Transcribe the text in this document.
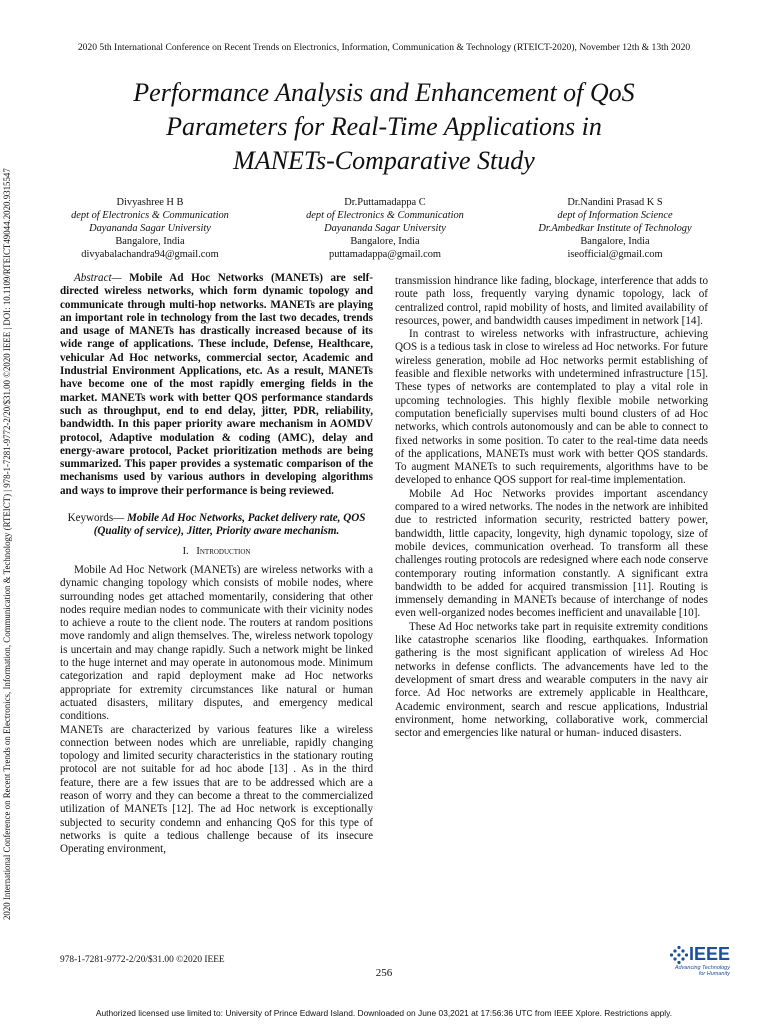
2020 5th International Conference on Recent Trends on Electronics, Information, Communication & Technology (RTEICT-2020), November 12th & 13th 2020
Performance Analysis and Enhancement of QoS
Parameters for Real-Time Applications in
MANETs-Comparative Study
Divyashree H B
dept of Electronics & Communication
Dayananda Sagar University
Bangalore, India
divyabalachandra94@gmail.com
Dr.Puttamadappa C
dept of Electronics & Communication
Dayananda Sagar University
Bangalore, India
puttamadappa@gmail.com
Dr.Nandini Prasad K S
dept of Information Science
Dr.Ambedkar Institute of Technology
Bangalore, India
iseofficial@gmail.com
2020 International Conference on Recent Trends on Electronics, Information, Communication & Technology (RTEICT) | 978-1-7281-9772-2/20/$31.00 ©2020 IEEE | DOI: 10.1109/RTEICT49044.2020.9315547	Abstract— Mobile Ad Hoc Networks (MANETs) are self-directed wireless networks, which form dynamic topology and communicate through multi-hop networks. MANETs are playing an important role in technology from the last two decades, trends and usage of MANETs has drastically increased because of its wide range of applications. These include, Defense, Healthcare, vehicular Ad Hoc networks, commercial sector, Academic and Industrial Environment Applications, etc. As a result, MANETs have become one of the most rapidly emerging fields in the market. MANETs work with better QOS performance standards such as throughput, end to end delay, jitter, PDR, reliability, bandwidth. In this paper priority aware mechanism in AOMDV protocol, Adaptive modulation & coding (AMC), delay and energy-aware protocol, Packet prioritization methods are being summarized. This paper provides a systematic comparison of the mechanisms used by various authors in developing algorithms and ways to improve their performance is being reviewed.

Keywords— Mobile Ad Hoc Networks, Packet delivery rate, QOS (Quality of service), Jitter, Priority aware mechanism.

I. Introduction

Mobile Ad Hoc Network (MANETs) are wireless networks with a dynamic changing topology which consists of mobile nodes, where surrounding nodes get attached momentarily, considering that other nodes require median nodes to communicate with their vicinity nodes to achieve a route to the client node. The routers at random positions move randomly and align themselves. The, wireless network topology is uncertain and may change rapidly. Such a network might be linked to the huge internet and may operate in autonomous mode. Minimum categorization and rapid deployment make ad Hoc networks appropriate for extremity circumstances like natural or human actuated disasters, military disputes, and emergency medical conditions.

MANETs are characterized by various features like a wireless connection between nodes which are unreliable, rapidly changing topology and limited security characteristics in the stationary routing protocol are not suitable for ad hoc abode [13] . As in the third feature, there are a few issues that are to be addressed which are a reason of worry and they can become a threat to the commercialized utilization of MANETs [12]. The ad Hoc network is exceptionally subjected to security condemn and enhancing QoS for this type of networks is quite a tedious challenge because of its insecure Operating environment,

transmission hindrance like fading, blockage, interference that adds to route path loss, frequently varying dynamic topology, lack of centralized control, rapid mobility of hosts, and limited availability of resources, power, and bandwidth causes impediment in network [14].

In contrast to wireless networks with infrastructure, achieving QOS is a tedious task in close to wireless ad Hoc networks. For future wireless generation, mobile ad Hoc networks permit establishing of feasible and flexible networks with undetermined infrastructure [15]. These types of networks are contemplated to play a vital role in upcoming technologies. This highly flexible mobile networking computation beneficially supervises multi bound clusters of ad Hoc networks, which controls autonomously and can be able to connect to fixed networks in some position. To cater to the real-time data needs of the applications, MANETs must work with better QOS standards. To augment MANETs to such requirements, algorithms have to be developed to enhance QOS support for real-time implementation.

Mobile Ad Hoc Networks provides important ascendancy compared to a wired networks. The nodes in the network are inhibited due to restricted information security, restricted battery power, bandwidth, little capacity, longevity, high dynamic topology, size of mobile devices, communication overhead. To transform all these challenges routing protocols are redesigned where each node conserve contemporary routing information constantly. A significant extra bandwidth to be added for acquired transmission [11]. Routing is immensely demanding in MANETs because of interchange of nodes even well-organized nodes becomes inefficient and unavailable [10].

These Ad Hoc networks take part in requisite extremity conditions like catastrophe scenarios like flooding, earthquakes. Information gathering is the most significant application of wireless Ad Hoc networks in defense conflicts. The advancements have led to the development of smart dress and wearable computers in the navy air force. Ad Hoc networks are extremely applicable in Healthcare, Academic environment, search and rescue applications, Industrial environment, home networking, collaborative work, commercial sector and emergencies like natural or human- induced disasters.

978-1-7281-9772-2/20/$31.00 ©2020 IEEE
256
IEEE
Advancing Technology
for Humanity
Authorized licensed use limited to: University of Prince Edward Island. Downloaded on June 03,2021 at 17:56:36 UTC from IEEE Xplore. Restrictions apply.
